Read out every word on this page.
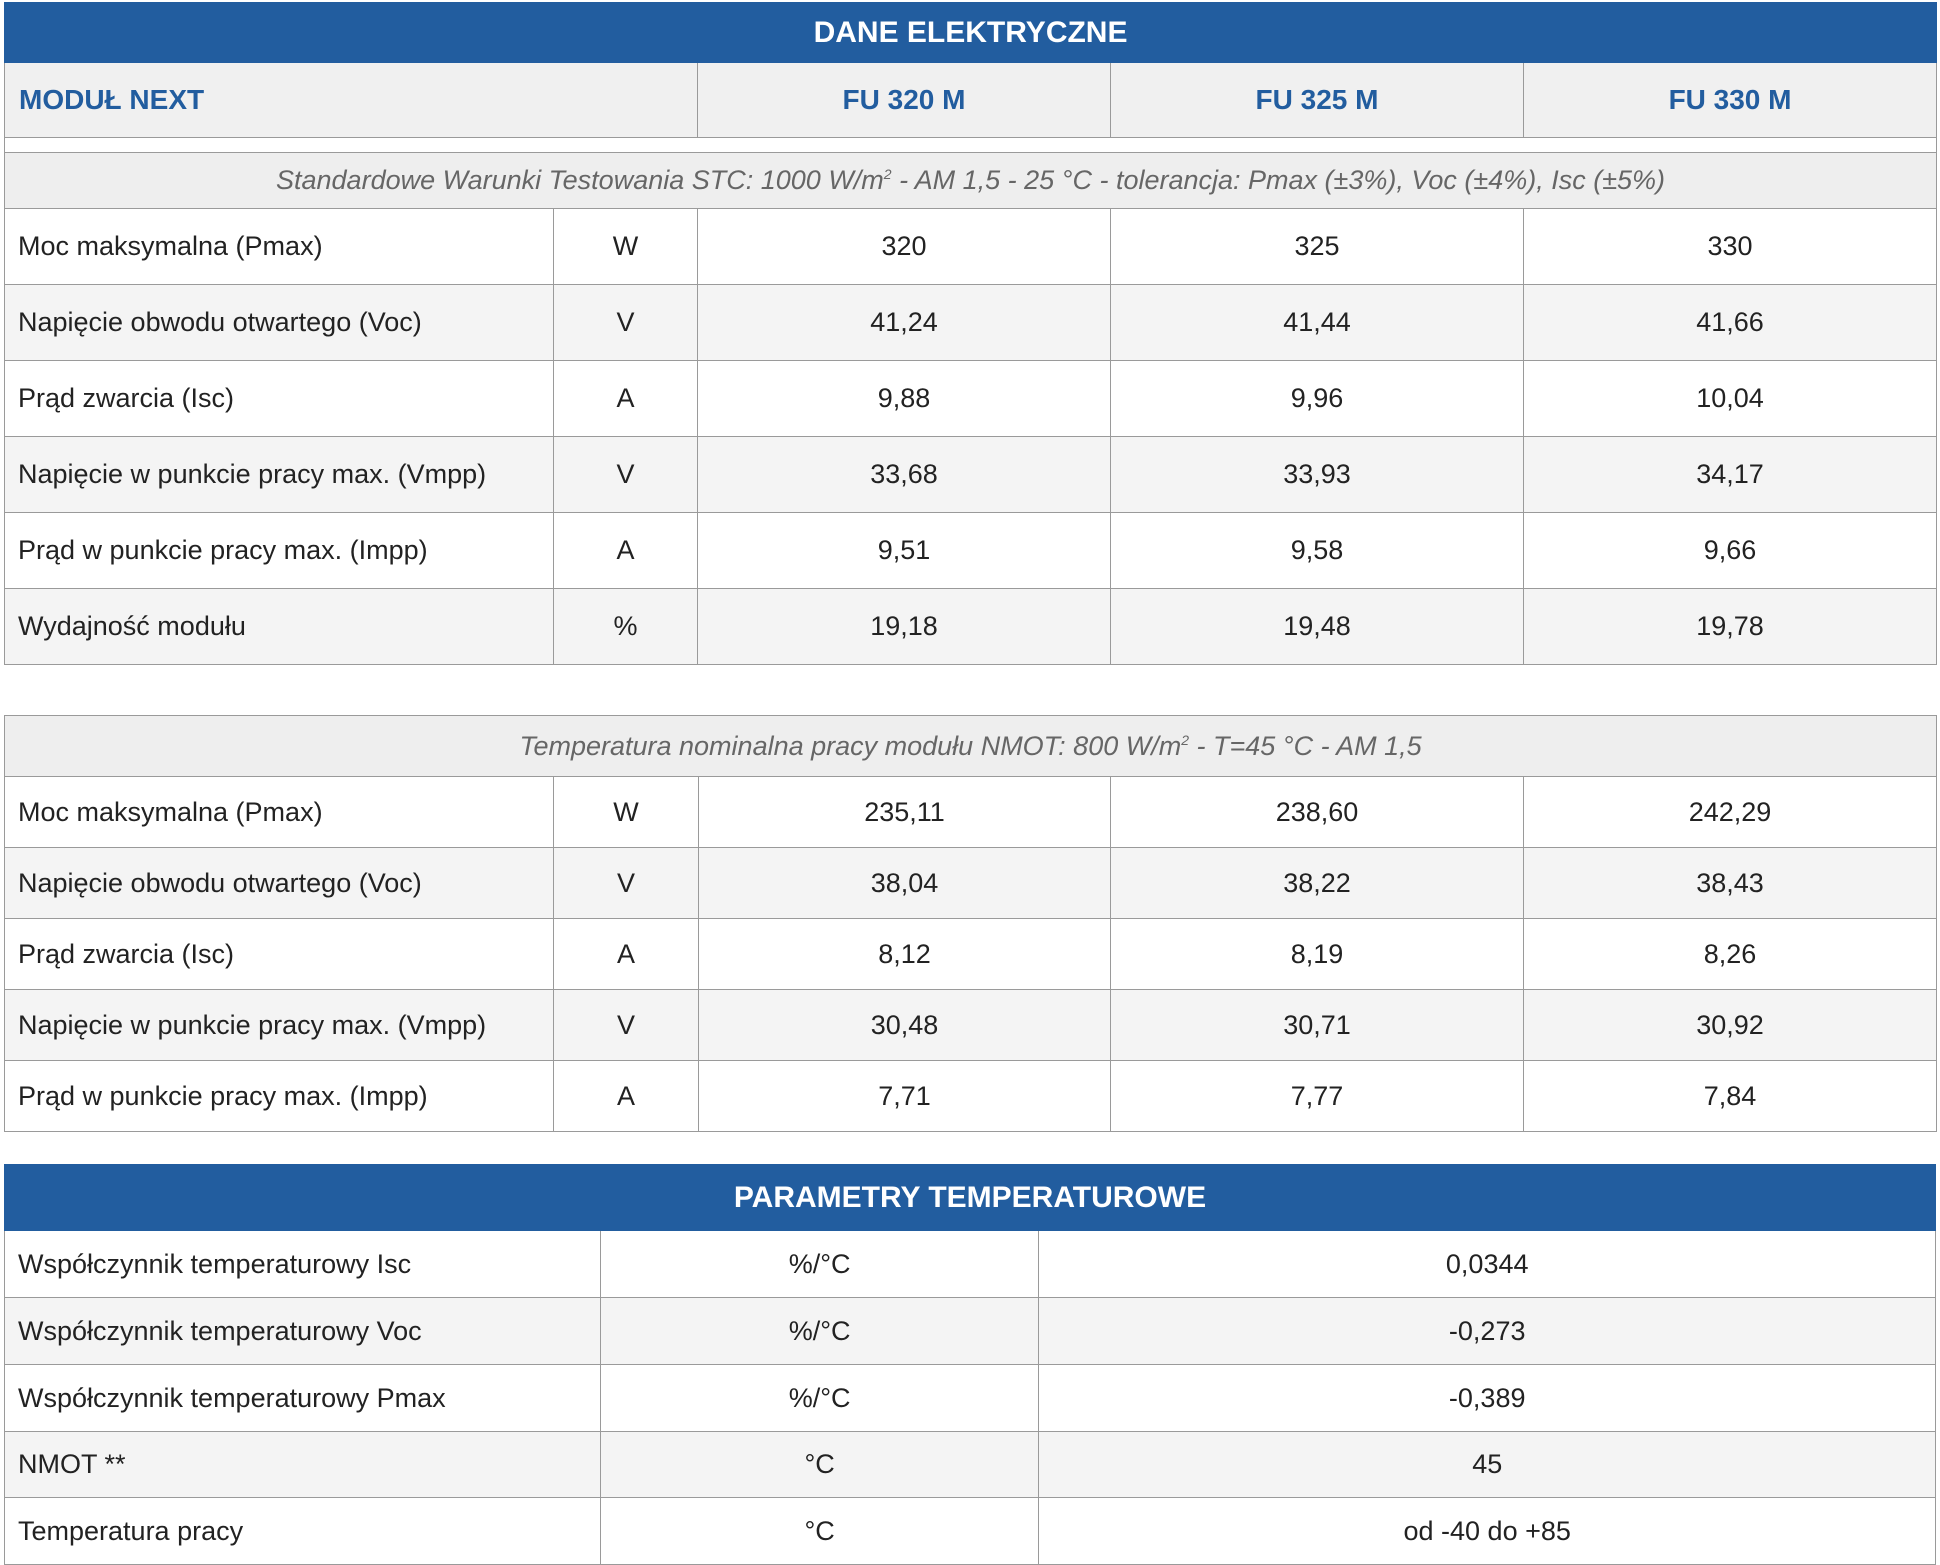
DANE ELEKTRYCZNE				
MODUŁ NEXT		FU 320 M	FU 325 M	FU 330 M

Standardowe Warunki Testowania STC: 1000 $W/m^2$ - AM 1,5 - 25 °C - tolerancja: Pmax (±3%), Voc (±4%), Isc (±5%)				
Moc maksymalna (Pmax)	W	320	325	330
Napięcie obwodu otwartego (Voc)	V	41,24	41,44	41,66
Prąd zwarcia (Isc)	A	9,88	9,96	10,04
Napięcie w punkcie pracy max. (Vmpp)	V	33,68	33,93	34,17
Prąd w punkcie pracy max. (Impp)	A	9,51	9,58	9,66
Wydajność modułu	%	19,18	19,48	19,78
Temperatura nominalna pracy modułu NMOT: 800 $W/m^2 - T=45$ °C - AM 1,5				
Moc maksymalna (Pmax)	W	235,11	238,60	242,29
Napięcie obwodu otwartego (Voc)	V	38,04	38,22	38,43
Prąd zwarcia (Isc)	A	8,12	8,19	8,26
Napięcie w punkcie pracy max. (Vmpp)	V	30,48	30,71	30,92
Prąd w punkcie pracy max. (Impp)	A	7,71	7,77	7,84
PARAMETRY TEMPERATUROWE		
Współczynnik temperaturowy Isc	%/°C	0,0344
Współczynnik temperaturowy Voc	%/°C	-0,273
Współczynnik temperaturowy Pmax	%/°C	-0,389
NMOT **	°C	45
Temperatura pracy	°C	od -40 do +85
